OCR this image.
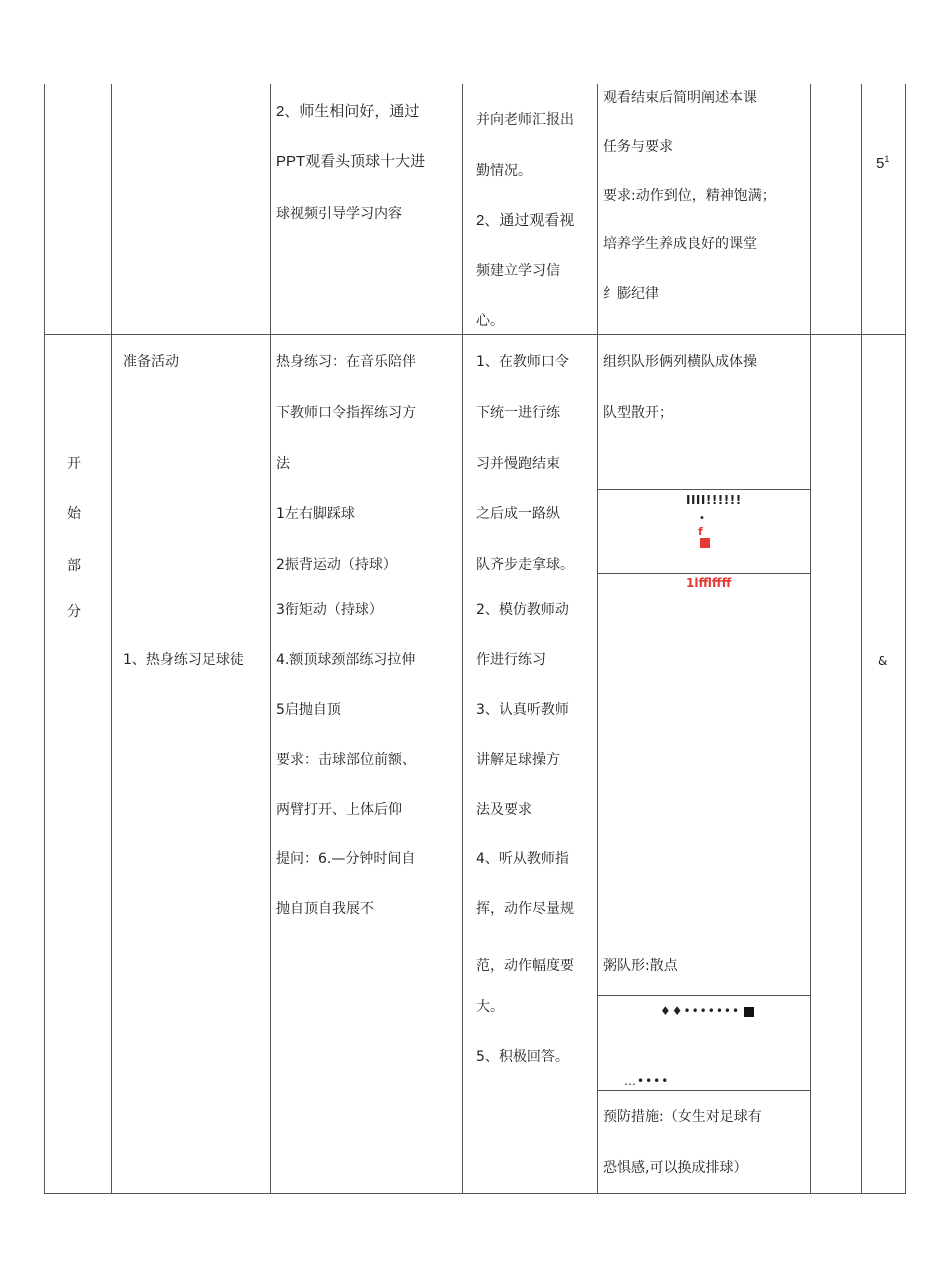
2、师生相问好，通过
PPT观看头顶球十大进
球视频引导学习内容
并向老师汇报出
勤情况。
2、通过观看视
频建立学习信
心。
观看结束后简明阐述本课
任务与要求
要求:动作到位，精神饱满；
培养学生养成良好的课堂
纟膨纪律
$5^1$
开
始
部
分
准备活动
1、热身练习足球徒
热身练习：在音乐陪伴
下教师口令指挥练习方
法
1左右脚踩球
2振背运动（持球）
3衔矩动（持球）
4.额顶球颈部练习拉伸
5启抛自顶
要求：击球部位前额、
两臂打开、上体后仰
提问：6.—分钟时间自
抛自顶自我展不
1、在教师口令
下统一进行练
习并慢跑结束
之后成一路纵
队齐步走拿球。
2、模仿教师动
作进行练习
3、认真听教师
讲解足球操方
法及要求
4、听从教师指
挥，动作尽量规
范，动作幅度要
大。
5、积极回答。
组织队形俩列横队成体操
队型散开；
IIII!!!!!!
•
f
1lfflffff
粥队形:散点
♦♦•••••••
…••••
预防措施:（女生对足球有
恐惧感,可以换成排球）
&
